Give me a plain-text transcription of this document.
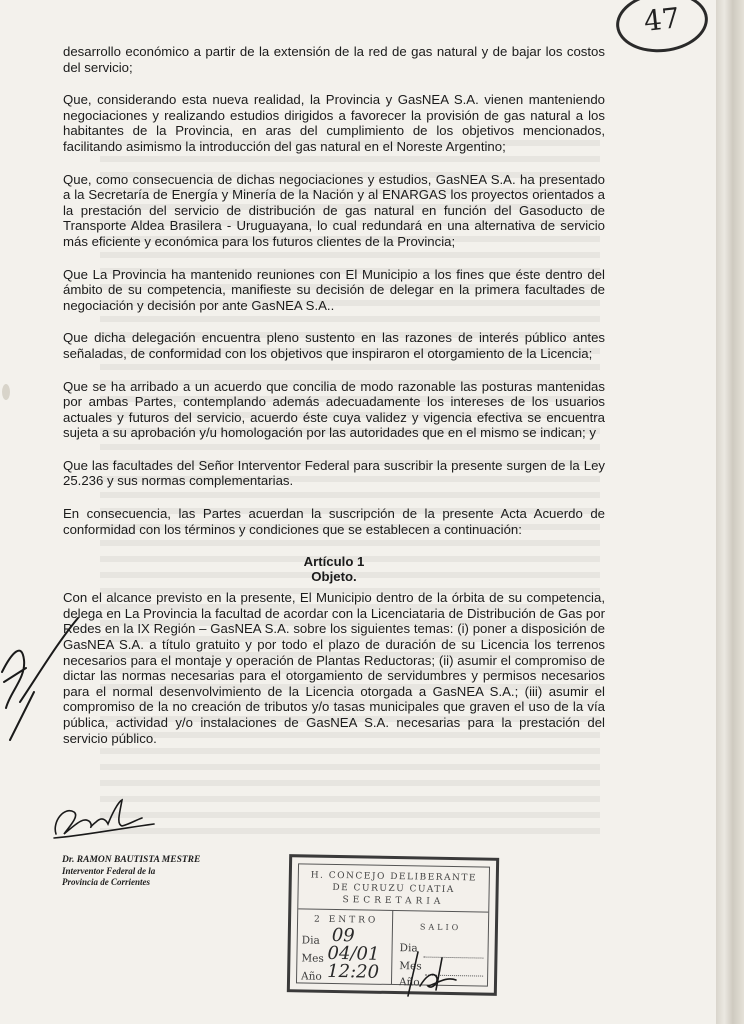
47

desarrollo económico a partir de la extensión de la red de gas natural y de bajar los costos del servicio;

Que, considerando esta nueva realidad, la Provincia y GasNEA S.A. vienen manteniendo negociaciones y realizando estudios dirigidos a favorecer la provisión de gas natural a los habitantes de la Provincia, en aras del cumplimiento de los objetivos mencionados, facilitando asimismo la introducción del gas natural en el Noreste Argentino;

Que, como consecuencia de dichas negociaciones y estudios, GasNEA S.A. ha presentado a la Secretaría de Energía y Minería de la Nación y al ENARGAS los proyectos orientados a la prestación del servicio de distribución de gas natural en función del Gasoducto de Transporte Aldea Brasilera - Uruguayana, lo cual redundará en una alternativa de servicio más eficiente y económica para los futuros clientes de la Provincia;

Que La Provincia ha mantenido reuniones con El Municipio a los fines que éste dentro del ámbito de su competencia, manifieste su decisión de delegar en la primera facultades de negociación y decisión por ante GasNEA S.A..

Que dicha delegación encuentra pleno sustento en las razones de interés público antes señaladas, de conformidad con los objetivos que inspiraron el otorgamiento de la Licencia;

Que se ha arribado a un acuerdo que concilia de modo razonable las posturas mantenidas por ambas Partes, contemplando además adecuadamente los intereses de los usuarios actuales y futuros del servicio, acuerdo éste cuya validez y vigencia efectiva se encuentra sujeta a su aprobación y/u homologación por las autoridades que en el mismo se indican; y

Que las facultades del Señor Interventor Federal para suscribir la presente surgen de la Ley 25.236 y sus normas complementarias.

En consecuencia, las Partes acuerdan la suscripción de la presente Acta Acuerdo de conformidad con los términos y condiciones que se establecen a continuación:

Artículo 1
Objeto.

Con el alcance previsto en la presente, El Municipio dentro de la órbita de su competencia, delega en La Provincia la facultad de acordar con la Licenciataria de Distribución de Gas por Redes en la IX Región – GasNEA S.A. sobre los siguientes temas: (i) poner a disposición de GasNEA S.A. a título gratuito y por todo el plazo de duración de su Licencia los terrenos necesarios para el montaje y operación de Plantas Reductoras; (ii) asumir el compromiso de dictar las normas necesarias para el otorgamiento de servidumbres y permisos necesarios para el normal desenvolvimiento de la Licencia otorgada a GasNEA S.A.; (iii) asumir el compromiso de la no creación de tributos y/o tasas municipales que graven el uso de la vía pública, actividad y/o instalaciones de GasNEA S.A. necesarias para la prestación del servicio público.

Dr. RAMON BAUTISTA MESTRE
Interventor Federal de la
Provincia de Corrientes	H. CONCEJO DELIBERANTE
DE CURUZU CUATIA
SECRETARIA
2 ENTRO
SALIO
Dia 09
Mes 04/01
Año 12:20
Dia
Mes
Año
